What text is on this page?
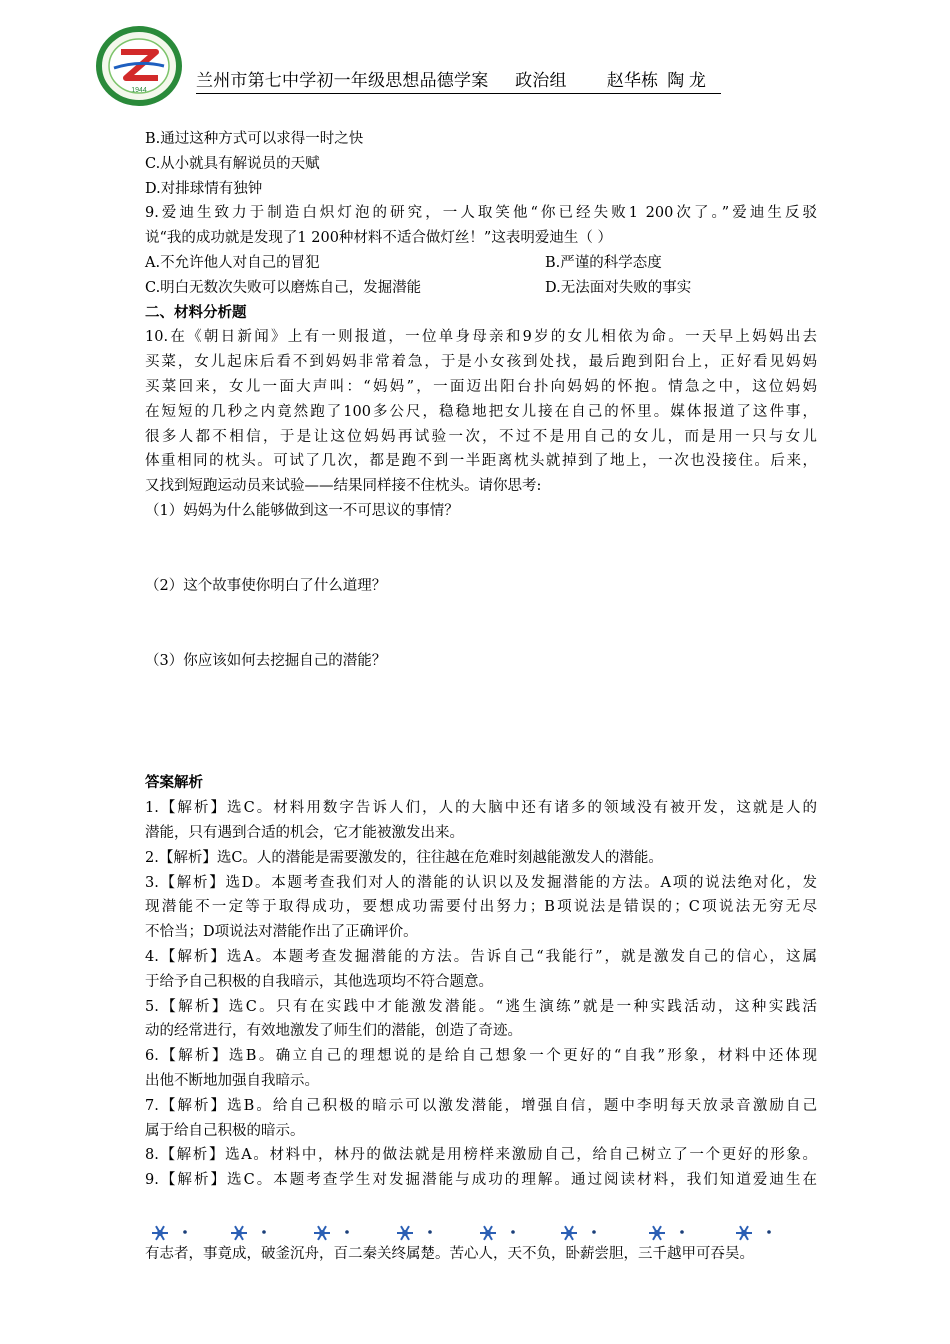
1944
兰州市第七中学初一年级思想品德学案      政治组         赵华栋  陶 龙
B.通过这种方式可以求得一时之快
C.从小就具有解说员的天赋
D.对排球情有独钟
9.爱迪生致力于制造白炽灯泡的研究，一人取笑他“你已经失败1 200次了。”爱迪生反驳
说“我的成功就是发现了1 200种材料不适合做灯丝！”这表明爱迪生（ ）
A.不允许他人对自己的冒犯	B.严谨的科学态度
C.明白无数次失败可以磨炼自己，发掘潜能	D.无法面对失败的事实
二、材料分析题
10.在《朝日新闻》上有一则报道，一位单身母亲和9岁的女儿相依为命。一天早上妈妈出去
买菜，女儿起床后看不到妈妈非常着急，于是小女孩到处找，最后跑到阳台上，正好看见妈妈
买菜回来，女儿一面大声叫：“妈妈”，一面迈出阳台扑向妈妈的怀抱。情急之中，这位妈妈
在短短的几秒之内竟然跑了100多公尺，稳稳地把女儿接在自己的怀里。媒体报道了这件事，
很多人都不相信，于是让这位妈妈再试验一次，不过不是用自己的女儿，而是用一只与女儿
体重相同的枕头。可试了几次，都是跑不到一半距离枕头就掉到了地上，一次也没接住。后来，
又找到短跑运动员来试验——结果同样接不住枕头。请你思考:
（1）妈妈为什么能够做到这一不可思议的事情？
（2）这个故事使你明白了什么道理？
（3）你应该如何去挖掘自己的潜能？
答案解析
1.【解析】选C。材料用数字告诉人们，人的大脑中还有诸多的领域没有被开发，这就是人的
潜能，只有遇到合适的机会，它才能被激发出来。
2.【解析】选C。人的潜能是需要激发的，往往越在危难时刻越能激发人的潜能。
3.【解析】选D。本题考查我们对人的潜能的认识以及发掘潜能的方法。A项的说法绝对化，发
现潜能不一定等于取得成功，要想成功需要付出努力；B项说法是错误的；C项说法无穷无尽
不恰当；D项说法对潜能作出了正确评价。
4.【解析】选A。本题考查发掘潜能的方法。告诉自己“我能行”，就是激发自己的信心，这属
于给予自己积极的自我暗示，其他选项均不符合题意。
5.【解析】选C。只有在实践中才能激发潜能。“逃生演练”就是一种实践活动，这种实践活
动的经常进行，有效地激发了师生们的潜能，创造了奇迹。
6.【解析】选B。确立自己的理想说的是给自己想象一个更好的“自我”形象，材料中还体现
出他不断地加强自我暗示。
7.【解析】选B。给自己积极的暗示可以激发潜能，增强自信，题中李明每天放录音激励自己
属于给自己积极的暗示。
8.【解析】选A。材料中，林丹的做法就是用榜样来激励自己，给自己树立了一个更好的形象。
9.【解析】选C。本题考查学生对发掘潜能与成功的理解。通过阅读材料，我们知道爱迪生在
有志者，事竟成，破釜沉舟，百二秦关终属楚。苦心人，天不负，卧薪尝胆，三千越甲可吞吴。
